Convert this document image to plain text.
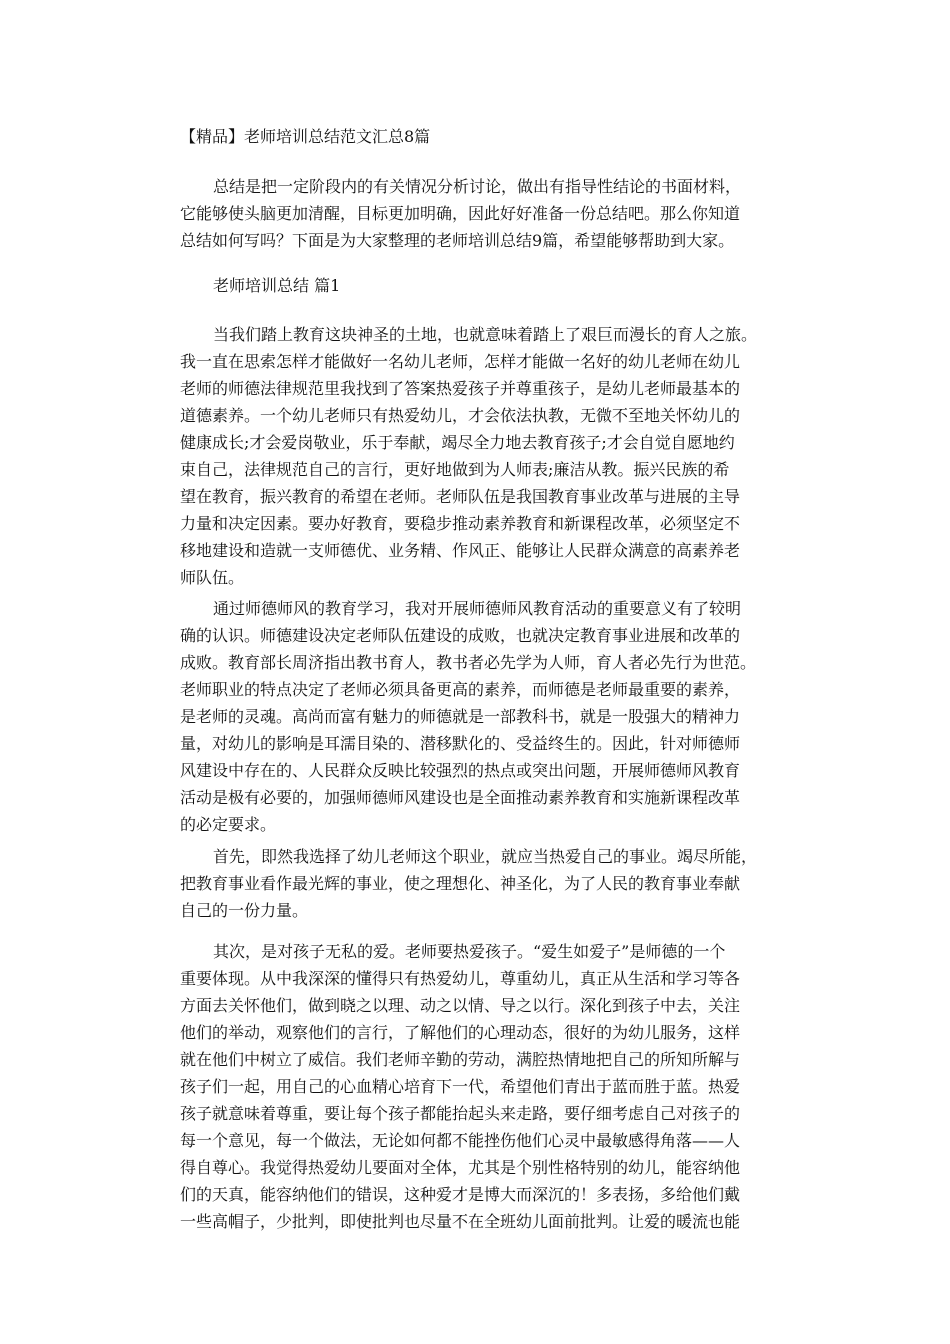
【精品】老师培训总结范文汇总8篇
总结是把一定阶段内的有关情况分析讨论，做出有指导性结论的书面材料，
它能够使头脑更加清醒，目标更加明确，因此好好准备一份总结吧。那么你知道
总结如何写吗？下面是为大家整理的老师培训总结9篇，希望能够帮助到大家。
老师培训总结 篇1
当我们踏上教育这块神圣的土地，也就意味着踏上了艰巨而漫长的育人之旅。
我一直在思索怎样才能做好一名幼儿老师，怎样才能做一名好的幼儿老师在幼儿
老师的师德法律规范里我找到了答案热爱孩子并尊重孩子，是幼儿老师最基本的
道德素养。一个幼儿老师只有热爱幼儿，才会依法执教，无微不至地关怀幼儿的
健康成长;才会爱岗敬业，乐于奉献，竭尽全力地去教育孩子;才会自觉自愿地约
束自己，法律规范自己的言行，更好地做到为人师表;廉洁从教。振兴民族的希
望在教育，振兴教育的希望在老师。老师队伍是我国教育事业改革与进展的主导
力量和决定因素。要办好教育，要稳步推动素养教育和新课程改革，必须坚定不
移地建设和造就一支师德优、业务精、作风正、能够让人民群众满意的高素养老
师队伍。
通过师德师风的教育学习，我对开展师德师风教育活动的重要意义有了较明
确的认识。师德建设决定老师队伍建设的成败，也就决定教育事业进展和改革的
成败。教育部长周济指出教书育人，教书者必先学为人师，育人者必先行为世范。
老师职业的特点决定了老师必须具备更高的素养，而师德是老师最重要的素养，
是老师的灵魂。高尚而富有魅力的师德就是一部教科书，就是一股强大的精神力
量，对幼儿的影响是耳濡目染的、潜移默化的、受益终生的。因此，针对师德师
风建设中存在的、人民群众反映比较强烈的热点或突出问题，开展师德师风教育
活动是极有必要的，加强师德师风建设也是全面推动素养教育和实施新课程改革
的必定要求。
首先，即然我选择了幼儿老师这个职业，就应当热爱自己的事业。竭尽所能，
把教育事业看作最光辉的事业，使之理想化、神圣化，为了人民的教育事业奉献
自己的一份力量。
其次，是对孩子无私的爱。老师要热爱孩子。“爱生如爱子”是师德的一个
重要体现。从中我深深的懂得只有热爱幼儿，尊重幼儿，真正从生活和学习等各
方面去关怀他们，做到晓之以理、动之以情、导之以行。深化到孩子中去，关注
他们的举动，观察他们的言行，了解他们的心理动态，很好的为幼儿服务，这样
就在他们中树立了威信。我们老师辛勤的劳动，满腔热情地把自己的所知所解与
孩子们一起，用自己的心血精心培育下一代，希望他们青出于蓝而胜于蓝。热爱
孩子就意味着尊重，要让每个孩子都能抬起头来走路，要仔细考虑自己对孩子的
每一个意见，每一个做法，无论如何都不能挫伤他们心灵中最敏感得角落——人
得自尊心。我觉得热爱幼儿要面对全体，尤其是个别性格特别的幼儿，能容纳他
们的天真，能容纳他们的错误，这种爱才是博大而深沉的！多表扬，多给他们戴
一些高帽子，少批判，即使批判也尽量不在全班幼儿面前批判。让爱的暖流也能
